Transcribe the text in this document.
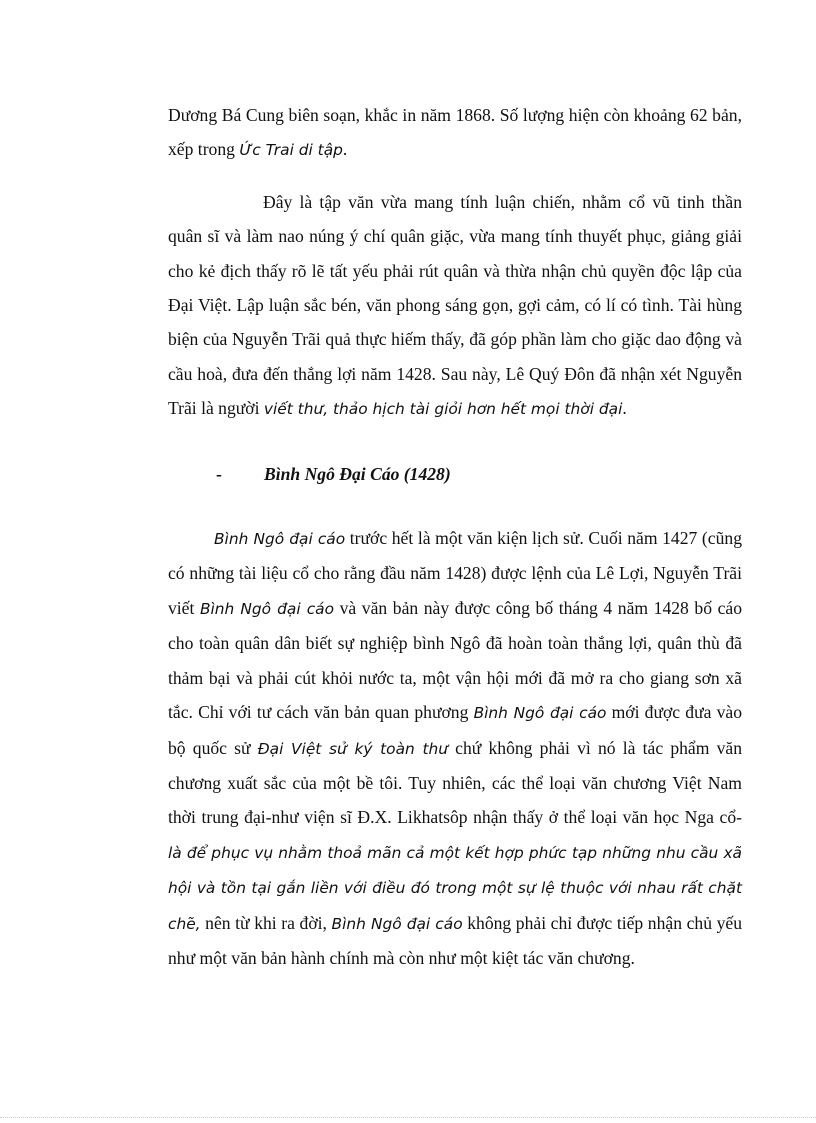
Dương Bá Cung biên soạn, khắc in năm 1868. Số lượng hiện còn khoảng 62 bản, xếp trong Ức Trai di tập.

Đây là tập văn vừa mang tính luận chiến, nhằm cổ vũ tinh thần quân sĩ và làm nao núng ý chí quân giặc, vừa mang tính thuyết phục, giảng giải cho kẻ địch thấy rõ lẽ tất yếu phải rút quân và thừa nhận chủ quyền độc lập của Đại Việt. Lập luận sắc bén, văn phong sáng gọn, gợi cảm, có lí có tình. Tài hùng biện của Nguyễn Trãi quả thực hiếm thấy, đã góp phần làm cho giặc dao động và cầu hoà, đưa đến thắng lợi năm 1428. Sau này, Lê Quý Đôn đã nhận xét Nguyễn Trãi là người viết thư, thảo hịch tài giỏi hơn hết mọi thời đại.

- Bình Ngô Đại Cáo (1428)

Bình Ngô đại cáo trước hết là một văn kiện lịch sử. Cuối năm 1427 (cũng có những tài liệu cổ cho rằng đầu năm 1428) được lệnh của Lê Lợi, Nguyễn Trãi viết Bình Ngô đại cáo và văn bản này được công bố tháng 4 năm 1428 bố cáo cho toàn quân dân biết sự nghiệp bình Ngô đã hoàn toàn thắng lợi, quân thù đã thảm bại và phải cút khỏi nước ta, một vận hội mới đã mở ra cho giang sơn xã tắc. Chỉ với tư cách văn bản quan phương Bình Ngô đại cáo mới được đưa vào bộ quốc sử Đại Việt sử ký toàn thư chứ không phải vì nó là tác phẩm văn chương xuất sắc của một bề tôi. Tuy nhiên, các thể loại văn chương Việt Nam thời trung đại-như viện sĩ Đ.X. Likhatsôp nhận thấy ở thể loại văn học Nga cổ- là để phục vụ nhằm thoả mãn cả một kết hợp phức tạp những nhu cầu xã hội và tồn tại gắn liền với điều đó trong một sự lệ thuộc với nhau rất chặt chẽ, nên từ khi ra đời, Bình Ngô đại cáo không phải chỉ được tiếp nhận chủ yếu như một văn bản hành chính mà còn như một kiệt tác văn chương.
